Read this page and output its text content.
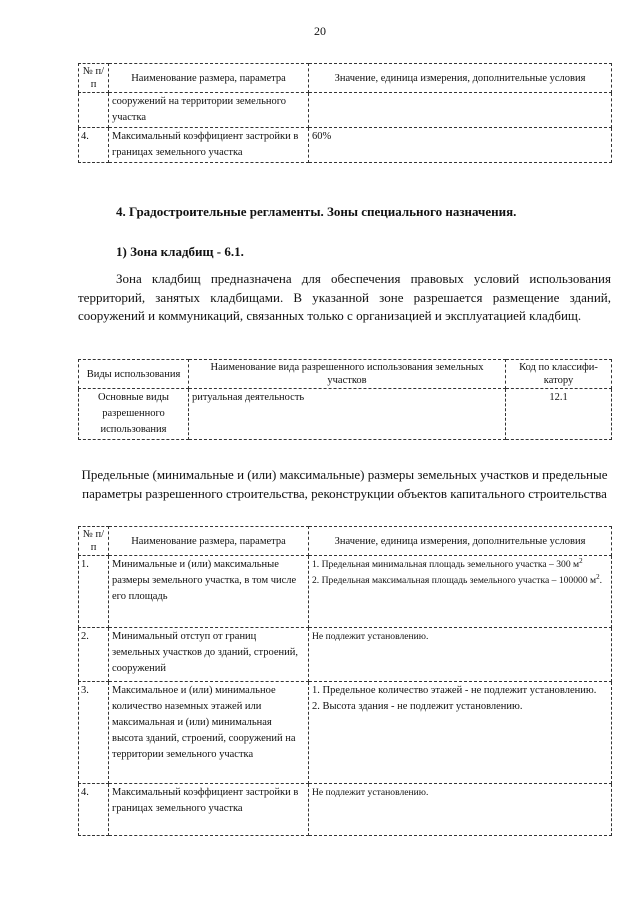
20
№ п/п	Наименование размера, параметра	Значение, единица измерения, дополнительные условия
	сооружений на территории земельного участка	
4.	Максимальный коэффициент застройки в границах земельного участка	60%
4. Градостроительные регламенты. Зоны специального назначения.
1) Зона кладбищ - 6.1.

Зона кладбищ предназначена для обеспечения правовых условий использования территорий, занятых кладбищами. В указанной зоне разрешается размещение зданий, сооружений и коммуникаций, связанных только с организацией и эксплуатацией кладбищ.

Виды использования	Наименование вида разрешенного использования земельных участков	Код по классифи-катору
Основные виды разрешенного использования	ритуальная деятельность	12.1

Предельные (минимальные и (или) максимальные) размеры земельных участков и предельные параметры разрешенного строительства, реконструкции объектов капитального строительства

№ п/п	Наименование размера, параметра	Значение, единица измерения, дополнительные условия
1.	Минимальные и (или) максимальные размеры земельного участка, в том числе его площадь	1. Предельная минимальная площадь земельного участка – 300 $м^2$
2. Предельная максимальная площадь земельного участка – 100000 $м^2$.

2.	Минимальный отступ от границ земельных участков до зданий, строений, сооружений	Не подлежит установлению.
3.	Максимальное и (или) минимальное количество наземных этажей или максимальная и (или) минимальная высота зданий, строений, сооружений на территории земельного участка	1. Предельное количество этажей - не подлежит установлению.
2. Высота здания - не подлежит установлению.

4.	Максимальный коэффициент застройки в границах земельного участка	Не подлежит установлению.
